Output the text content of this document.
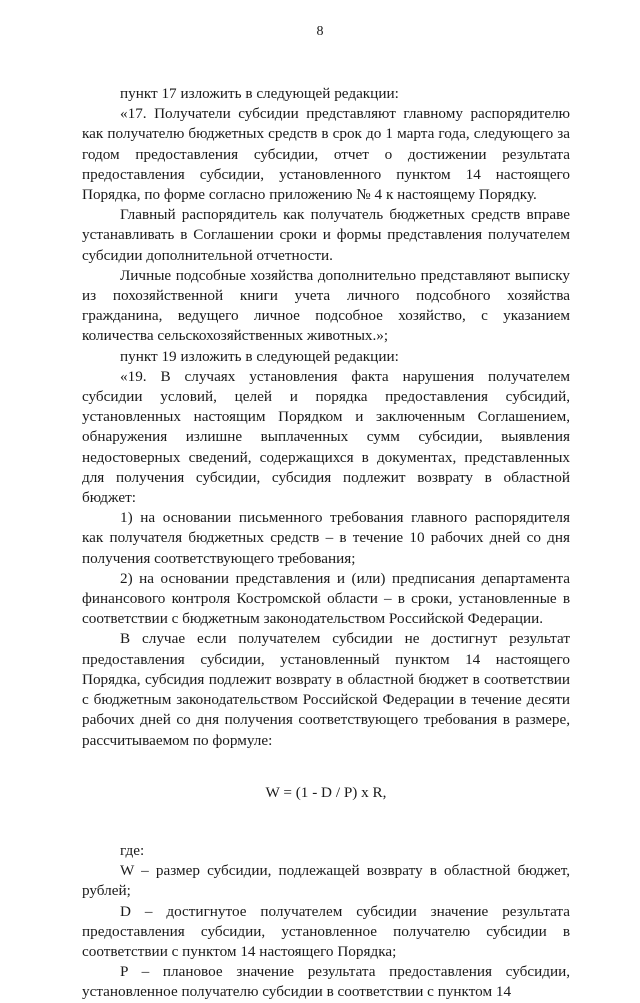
8

пункт 17 изложить в следующей редакции:

«17. Получатели субсидии представляют главному распорядителю как получателю бюджетных средств в срок до 1 марта года, следующего за годом предоставления субсидии, отчет о достижении результата предоставления субсидии, установленного пунктом 14 настоящего Порядка, по форме согласно приложению № 4 к настоящему Порядку.

Главный распорядитель как получатель бюджетных средств вправе устанавливать в Соглашении сроки и формы представления получателем субсидии дополнительной отчетности.

Личные подсобные хозяйства дополнительно представляют выписку из похозяйственной книги учета личного подсобного хозяйства гражданина, ведущего личное подсобное хозяйство, с указанием количества сельскохозяйственных животных.»;

пункт 19 изложить в следующей редакции:

«19. В случаях установления факта нарушения получателем субсидии условий, целей и порядка предоставления субсидий, установленных настоящим Порядком и заключенным Соглашением, обнаружения излишне выплаченных сумм субсидии, выявления недостоверных сведений, содержащихся в документах, представленных для получения субсидии, субсидия подлежит возврату в областной бюджет:

1) на основании письменного требования главного распорядителя как получателя бюджетных средств – в течение 10 рабочих дней со дня получения соответствующего требования;

2) на основании представления и (или) предписания департамента финансового контроля Костромской области – в сроки, установленные в соответствии с бюджетным законодательством Российской Федерации.

В случае если получателем субсидии не достигнут результат предоставления субсидии, установленный пунктом 14 настоящего Порядка, субсидия подлежит возврату в областной бюджет в соответствии с бюджетным законодательством Российской Федерации в течение десяти рабочих дней со дня получения соответствующего требования в размере, рассчитываемом по формуле:

W = (1 - D / P) x R,

где:

W – размер субсидии, подлежащей возврату в областной бюджет, рублей;

D – достигнутое получателем субсидии значение результата предоставления субсидии, установленное получателю субсидии в соответствии с пунктом 14 настоящего Порядка;

P – плановое значение результата предоставления субсидии, установленное получателю субсидии в соответствии с пунктом 14
